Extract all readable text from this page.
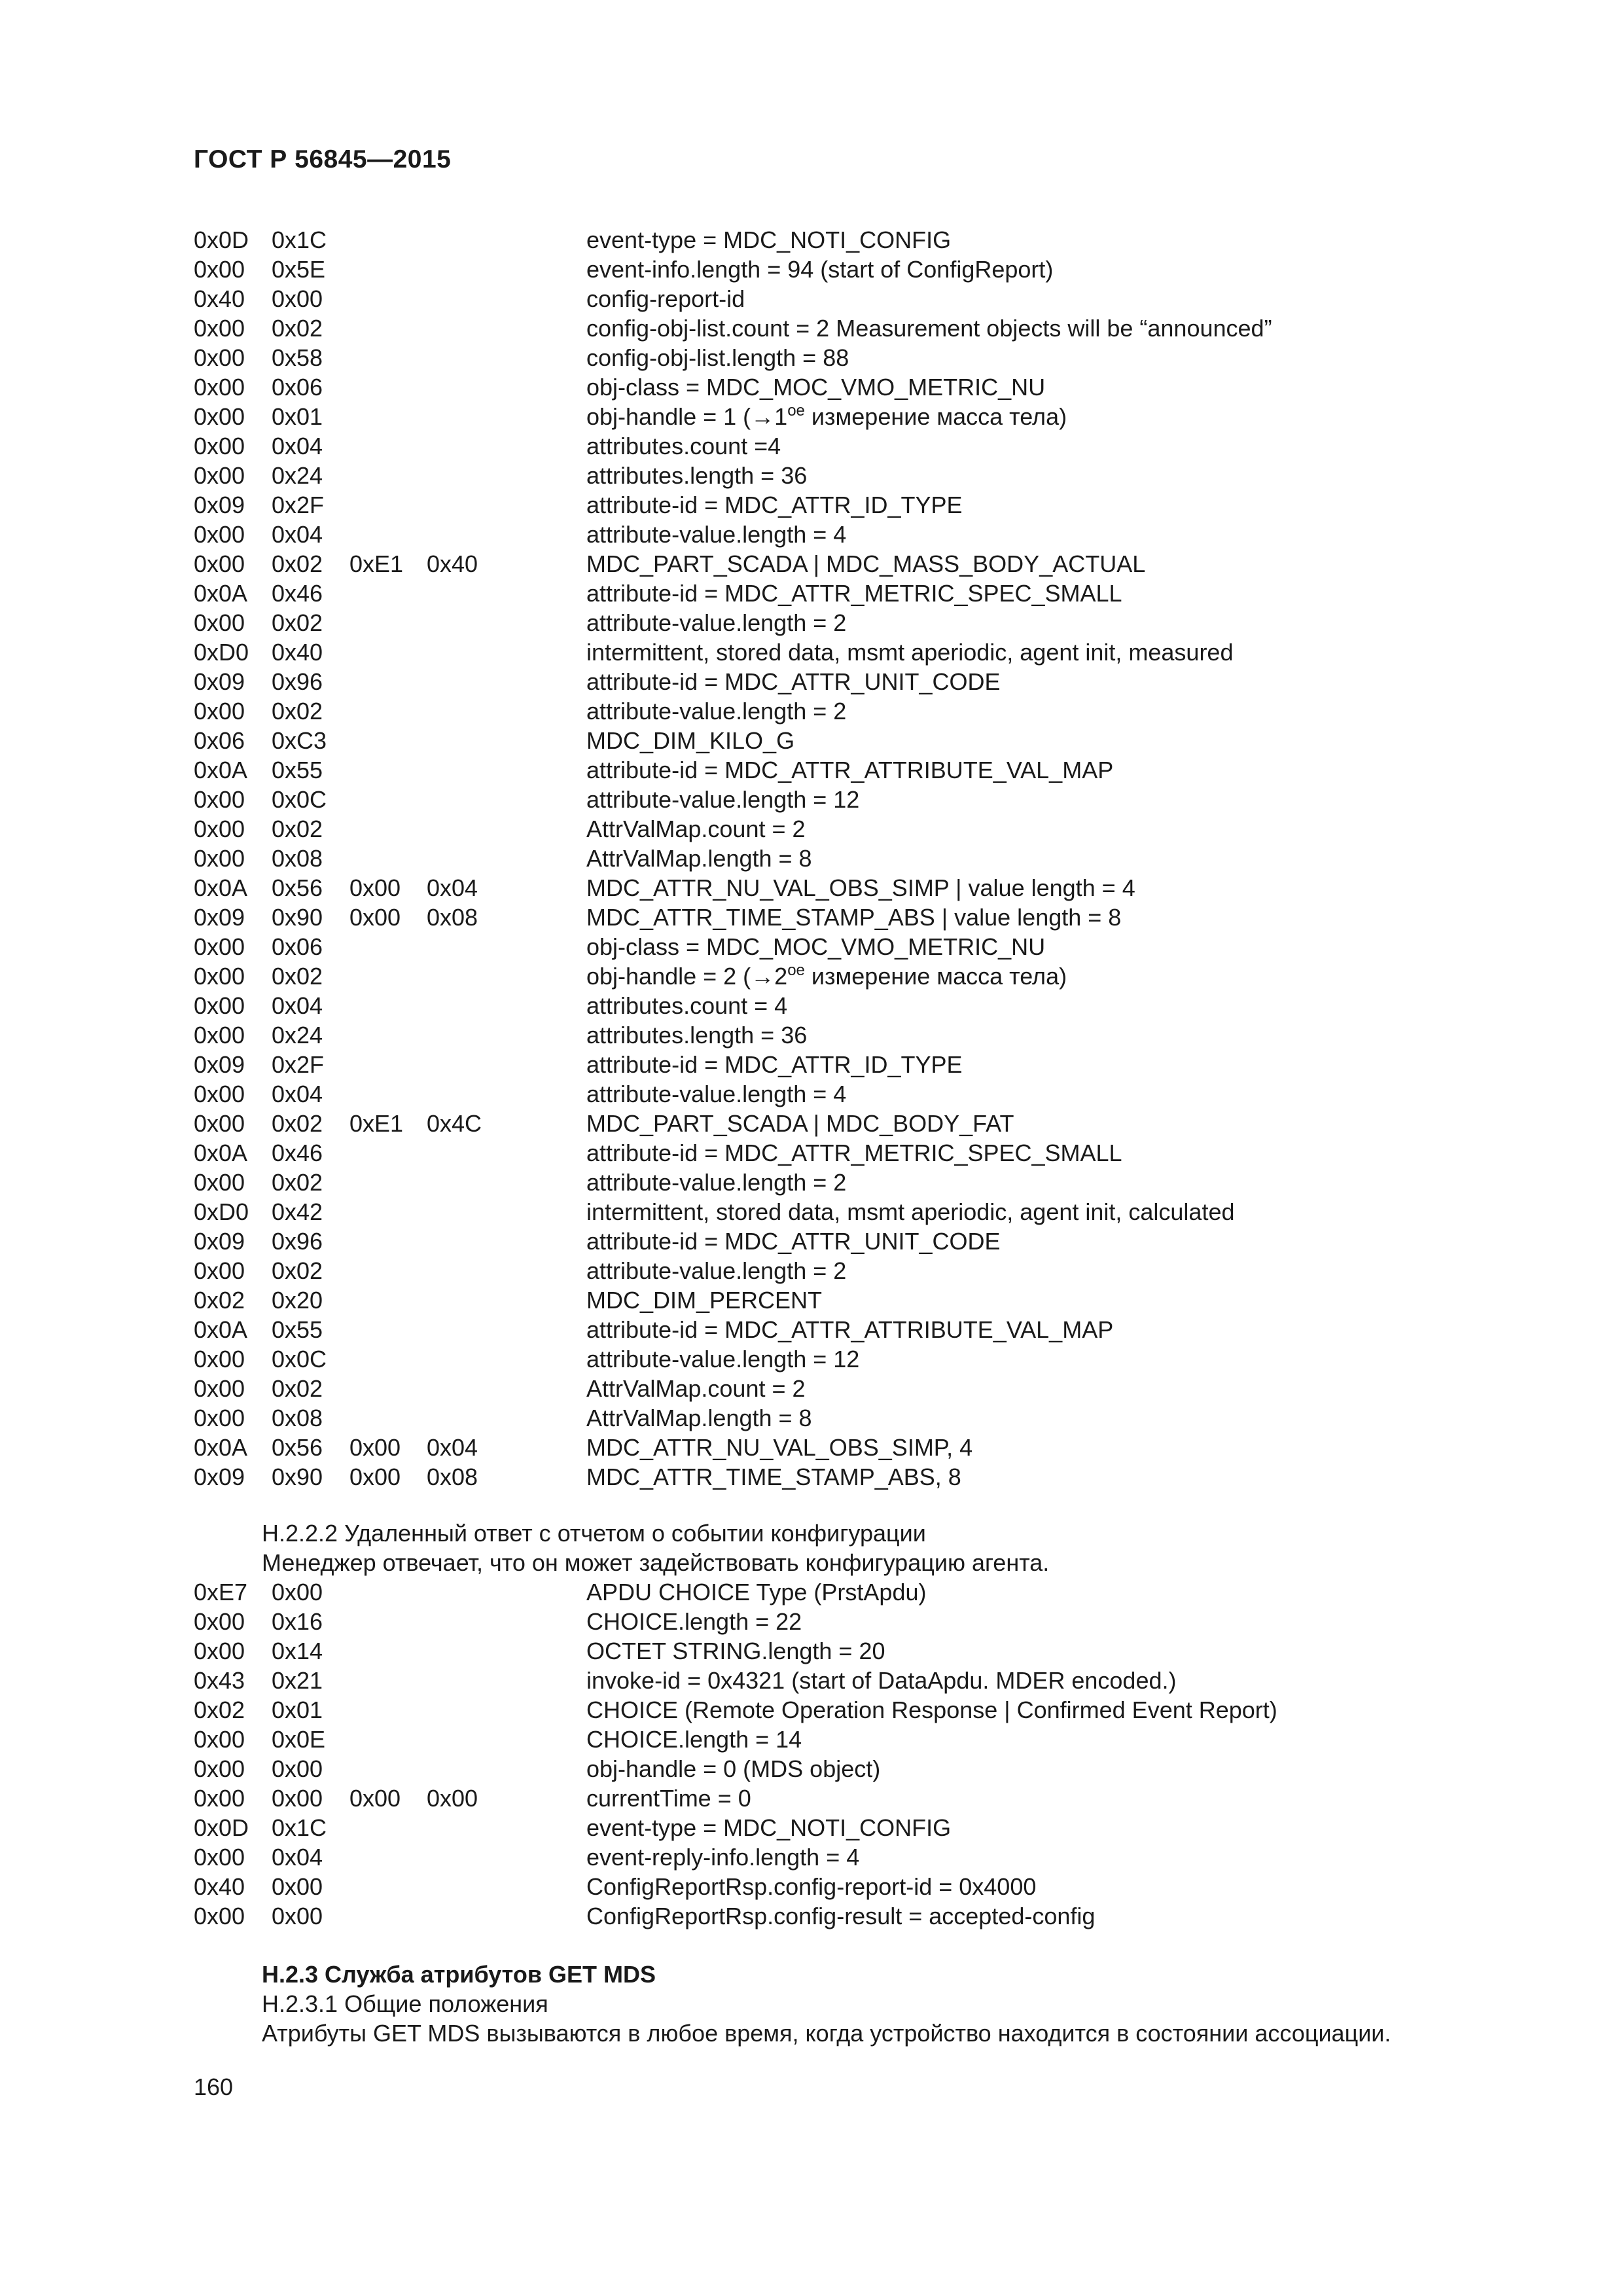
ГОСТ Р 56845—2015
0x0D 0x1C	event-type = MDC_NOTI_CONFIG
0x00 0x5E	event-info.length = 94 (start of ConfigReport)
0x40 0x00	config-report-id
0x00 0x02	config-obj-list.count = 2 Measurement objects will be “announced”
0x00 0x58	config-obj-list.length = 88
0x00 0x06	obj-class = MDC_MOC_VMO_METRIC_NU
0x00 0x01	obj-handle = 1 ($\to 1^{ое}$ измерение масса тела)
0x00 0x04	attributes.count =4
0x00 0x24	attributes.length = 36
0x09 0x2F	attribute-id = MDC_ATTR_ID_TYPE
0x00 0x04	attribute-value.length = 4
0x00 0x02 0xE1 0x40	MDC_PART_SCADA | MDC_MASS_BODY_ACTUAL
0x0A 0x46	attribute-id = MDC_ATTR_METRIC_SPEC_SMALL
0x00 0x02	attribute-value.length = 2
0xD0 0x40	intermittent, stored data, msmt aperiodic, agent init, measured
0x09 0x96	attribute-id = MDC_ATTR_UNIT_CODE
0x00 0x02	attribute-value.length = 2
0x06 0xC3	MDC_DIM_KILO_G
0x0A 0x55	attribute-id = MDC_ATTR_ATTRIBUTE_VAL_MAP
0x00 0x0C	attribute-value.length = 12
0x00 0x02	AttrValMap.count = 2
0x00 0x08	AttrValMap.length = 8
0x0A 0x56 0x00 0x04	MDC_ATTR_NU_VAL_OBS_SIMP | value length = 4
0x09 0x90 0x00 0x08	MDC_ATTR_TIME_STAMP_ABS | value length = 8
0x00 0x06	obj-class = MDC_MOC_VMO_METRIC_NU
0x00 0x02	obj-handle = 2 ($\to 2^{ое}$ измерение масса тела)
0x00 0x04	attributes.count = 4
0x00 0x24	attributes.length = 36
0x09 0x2F	attribute-id = MDC_ATTR_ID_TYPE
0x00 0x04	attribute-value.length = 4
0x00 0x02 0xE1 0x4C	MDC_PART_SCADA | MDC_BODY_FAT
0x0A 0x46	attribute-id = MDC_ATTR_METRIC_SPEC_SMALL
0x00 0x02	attribute-value.length = 2
0xD0 0x42	intermittent, stored data, msmt aperiodic, agent init, calculated
0x09 0x96	attribute-id = MDC_ATTR_UNIT_CODE
0x00 0x02	attribute-value.length = 2
0x02 0x20	MDC_DIM_PERCENT
0x0A 0x55	attribute-id = MDC_ATTR_ATTRIBUTE_VAL_MAP
0x00 0x0C	attribute-value.length = 12
0x00 0x02	AttrValMap.count = 2
0x00 0x08	AttrValMap.length = 8
0x0A 0x56 0x00 0x04	MDC_ATTR_NU_VAL_OBS_SIMP, 4
0x09 0x90 0x00 0x08	MDC_ATTR_TIME_STAMP_ABS, 8
H.2.2.2 Удаленный ответ с отчетом о событии конфигурации
Менеджер отвечает, что он может задействовать конфигурацию агента.
0xE7 0x00	APDU CHOICE Type (PrstApdu)
0x00 0x16	CHOICE.length = 22
0x00 0x14	OCTET STRING.length = 20
0x43 0x21	invoke-id = 0x4321 (start of DataApdu. MDER encoded.)
0x02 0x01	CHOICE (Remote Operation Response | Confirmed Event Report)
0x00 0x0E	CHOICE.length = 14
0x00 0x00	obj-handle = 0 (MDS object)
0x00 0x00 0x00 0x00	currentTime = 0
0x0D 0x1C	event-type = MDC_NOTI_CONFIG
0x00 0x04	event-reply-info.length = 4
0x40 0x00	ConfigReportRsp.config-report-id = 0x4000
0x00 0x00	ConfigReportRsp.config-result = accepted-config
H.2.3 Служба атрибутов GET MDS
H.2.3.1 Общие положения
Атрибуты GET MDS вызываются в любое время, когда устройство находится в состоянии ассоциации.
160
